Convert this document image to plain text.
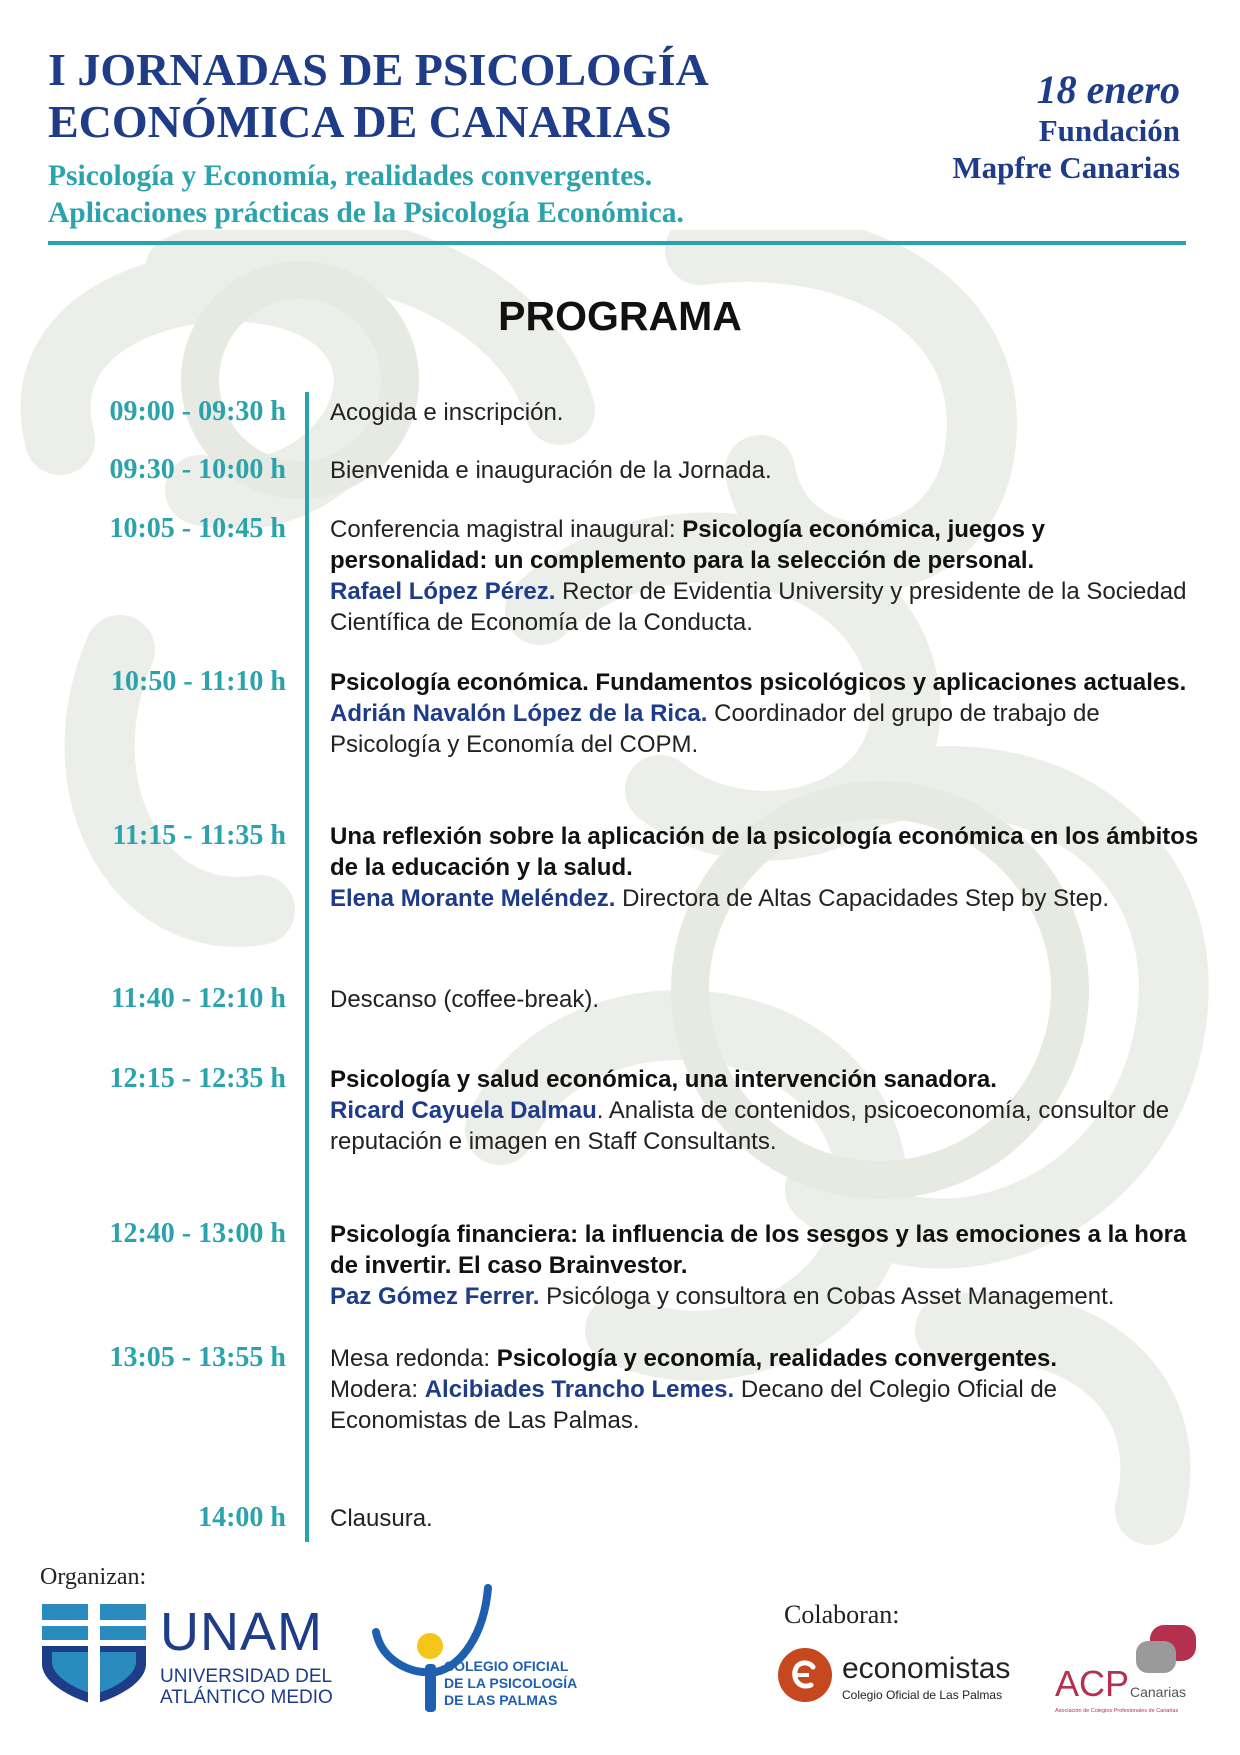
I JORNADAS DE PSICOLOGÍA
ECONÓMICA DE CANARIAS
Psicología y Economía, realidades convergentes.
Aplicaciones prácticas de la Psicología Económica.
18 enero
Fundación
Mapfre Canarias
PROGRAMA
09:00 - 09:30 h Acogida e inscripción.
09:30 - 10:00 h Bienvenida e inauguración de la Jornada.
10:05 - 10:45 h Conferencia magistral inaugural: Psicología económica, juegos y personalidad: un complemento para la selección de personal.
Rafael López Pérez. Rector de Evidentia University y presidente de la Sociedad Científica de Economía de la Conducta.
10:50 - 11:10 h Psicología económica. Fundamentos psicológicos y aplicaciones actuales.
Adrián Navalón López de la Rica. Coordinador del grupo de trabajo de Psicología y Economía del COPM.
11:15 - 11:35 h Una reflexión sobre la aplicación de la psicología económica en los ámbitos de la educación y la salud.
Elena Morante Meléndez. Directora de Altas Capacidades Step by Step.
11:40 - 12:10 h Descanso (coffee-break).
12:15 - 12:35 h Psicología y salud económica, una intervención sanadora.
Ricard Cayuela Dalmau. Analista de contenidos, psicoeconomía, consultor de reputación e imagen en Staff Consultants.
12:40 - 13:00 h Psicología financiera: la influencia de los sesgos y las emociones a la hora de invertir. El caso Brainvestor.
Paz Gómez Ferrer. Psicóloga y consultora en Cobas Asset Management.
13:05 - 13:55 h Mesa redonda: Psicología y economía, realidades convergentes.
Modera: Alcibiades Trancho Lemes. Decano del Colegio Oficial de Economistas de Las Palmas.
14:00 h Clausura.
Organizan:
UNAM
UNIVERSIDAD DEL
ATLÁNTICO MEDIO
COLEGIO OFICIAL
DE LA PSICOLOGÍA
DE LAS PALMAS
Colaboran:
economistas
Colegio Oficial de Las Palmas ACP Canarias
Asociación de Colegios Profesionales de Canarias
